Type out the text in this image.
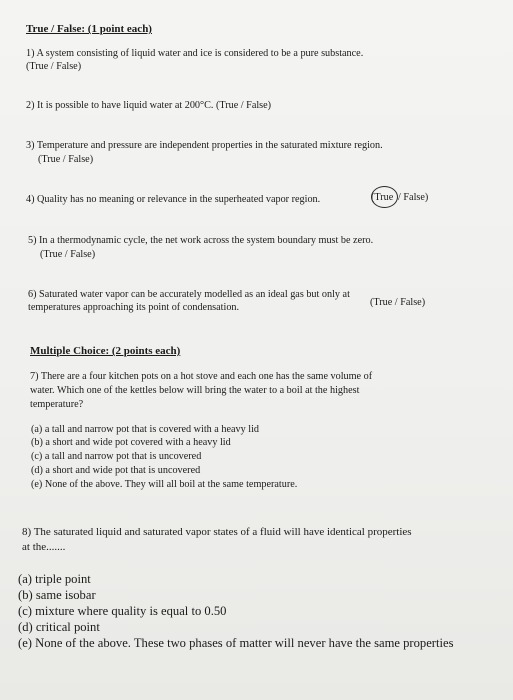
True / False: (1 point each)
1) A system consisting of liquid water and ice is considered to be a pure substance.
(True / False)
2) It is possible to have liquid water at 200°C. (True / False)
3) Temperature and pressure are independent properties in the saturated mixture region.
(True / False)
4) Quality has no meaning or relevance in the superheated vapor region.	(True / False)
5) In a thermodynamic cycle, the net work across the system boundary must be zero.
(True / False)
6) Saturated water vapor can be accurately modelled as an ideal gas but only at
temperatures approaching its point of condensation.	(True / False)
Multiple Choice: (2 points each)
7) There are a four kitchen pots on a hot stove and each one has the same volume of
water. Which one of the kettles below will bring the water to a boil at the highest
temperature?
(a) a tall and narrow pot that is covered with a heavy lid
(b) a short and wide pot covered with a heavy lid
(c) a tall and narrow pot that is uncovered
(d) a short and wide pot that is uncovered
(e) None of the above. They will all boil at the same temperature.
8) The saturated liquid and saturated vapor states of a fluid will have identical properties
at the.......
(a) triple point
(b) same isobar
(c) mixture where quality is equal to 0.50
(d) critical point
(e) None of the above. These two phases of matter will never have the same properties
